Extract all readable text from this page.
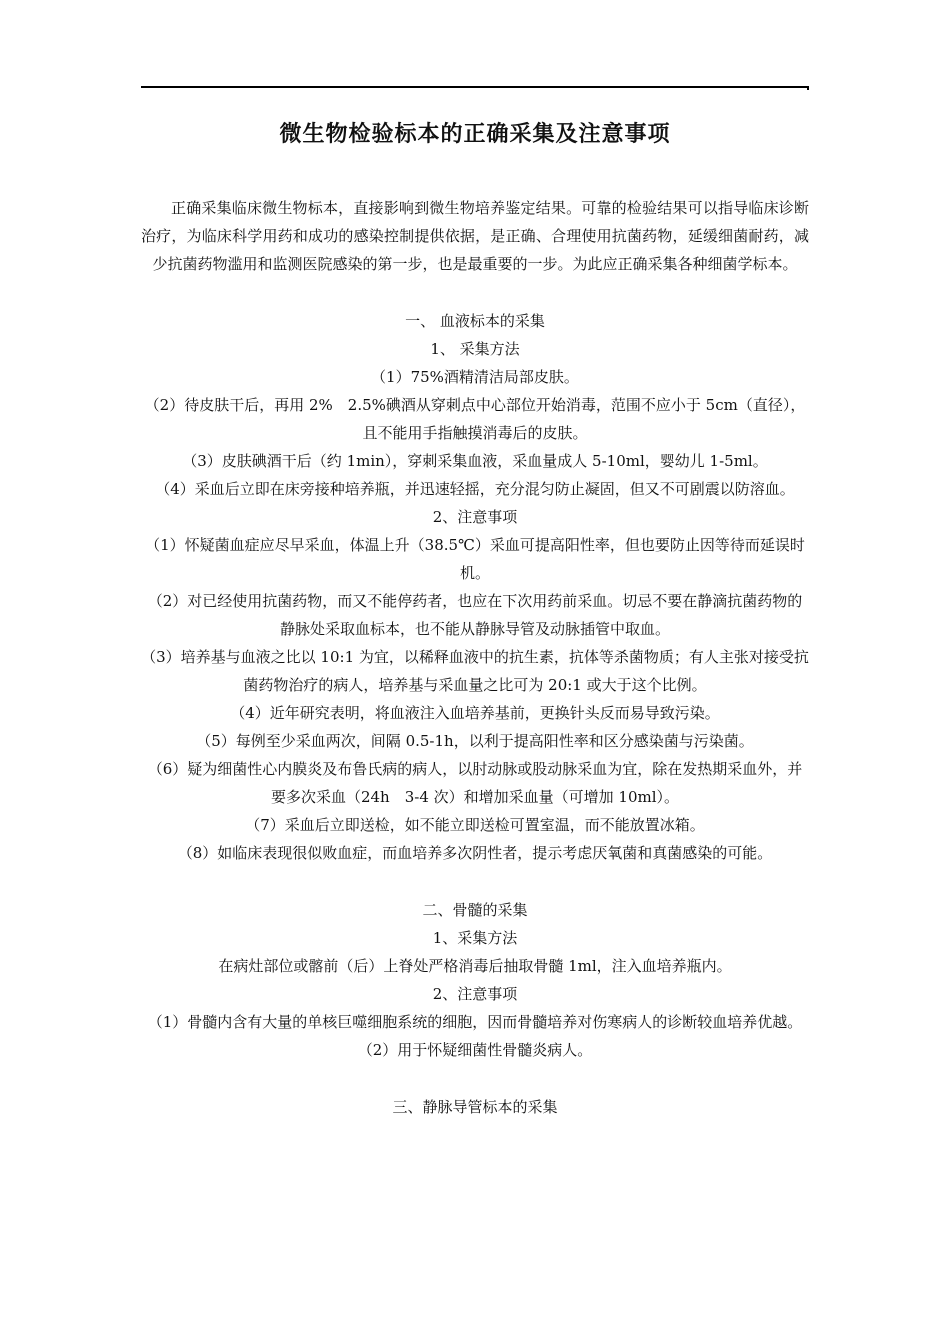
微生物检验标本的正确采集及注意事项

正确采集临床微生物标本，直接影响到微生物培养鉴定结果。可靠的检验结果可以指导临床诊断治疗，为临床科学用药和成功的感染控制提供依据，是正确、合理使用抗菌药物，延缓细菌耐药，减少抗菌药物滥用和监测医院感染的第一步，也是最重要的一步。为此应正确采集各种细菌学标本。

一、 血液标本的采集

1、 采集方法

（1）75%酒精清洁局部皮肤。

（2）待皮肤干后，再用 2%　2.5%碘酒从穿刺点中心部位开始消毒，范围不应小于 5cm（直径），且不能用手指触摸消毒后的皮肤。

（3）皮肤碘酒干后（约 1min），穿刺采集血液，采血量成人 5-10ml，婴幼儿 1-5ml。

（4）采血后立即在床旁接种培养瓶，并迅速轻摇，充分混匀防止凝固，但又不可剧震以防溶血。

2、注意事项

（1）怀疑菌血症应尽早采血，体温上升（38.5℃）采血可提高阳性率，但也要防止因等待而延误时机。

（2）对已经使用抗菌药物，而又不能停药者，也应在下次用药前采血。切忌不要在静滴抗菌药物的静脉处采取血标本，也不能从静脉导管及动脉插管中取血。

（3）培养基与血液之比以 10:1 为宜，以稀释血液中的抗生素，抗体等杀菌物质；有人主张对接受抗菌药物治疗的病人，培养基与采血量之比可为 20:1 或大于这个比例。

（4）近年研究表明，将血液注入血培养基前，更换针头反而易导致污染。

（5）每例至少采血两次，间隔 0.5-1h，以利于提高阳性率和区分感染菌与污染菌。

（6）疑为细菌性心内膜炎及布鲁氏病的病人，以肘动脉或股动脉采血为宜，除在发热期采血外，并要多次采血（24h　3-4 次）和增加采血量（可增加 10ml）。

（7）采血后立即送检，如不能立即送检可置室温，而不能放置冰箱。

（8）如临床表现很似败血症，而血培养多次阴性者，提示考虑厌氧菌和真菌感染的可能。

二、骨髓的采集

1、采集方法

在病灶部位或髂前（后）上脊处严格消毒后抽取骨髓 1ml，注入血培养瓶内。

2、注意事项

（1）骨髓内含有大量的单核巨噬细胞系统的细胞，因而骨髓培养对伤寒病人的诊断较血培养优越。

（2）用于怀疑细菌性骨髓炎病人。

三、静脉导管标本的采集
